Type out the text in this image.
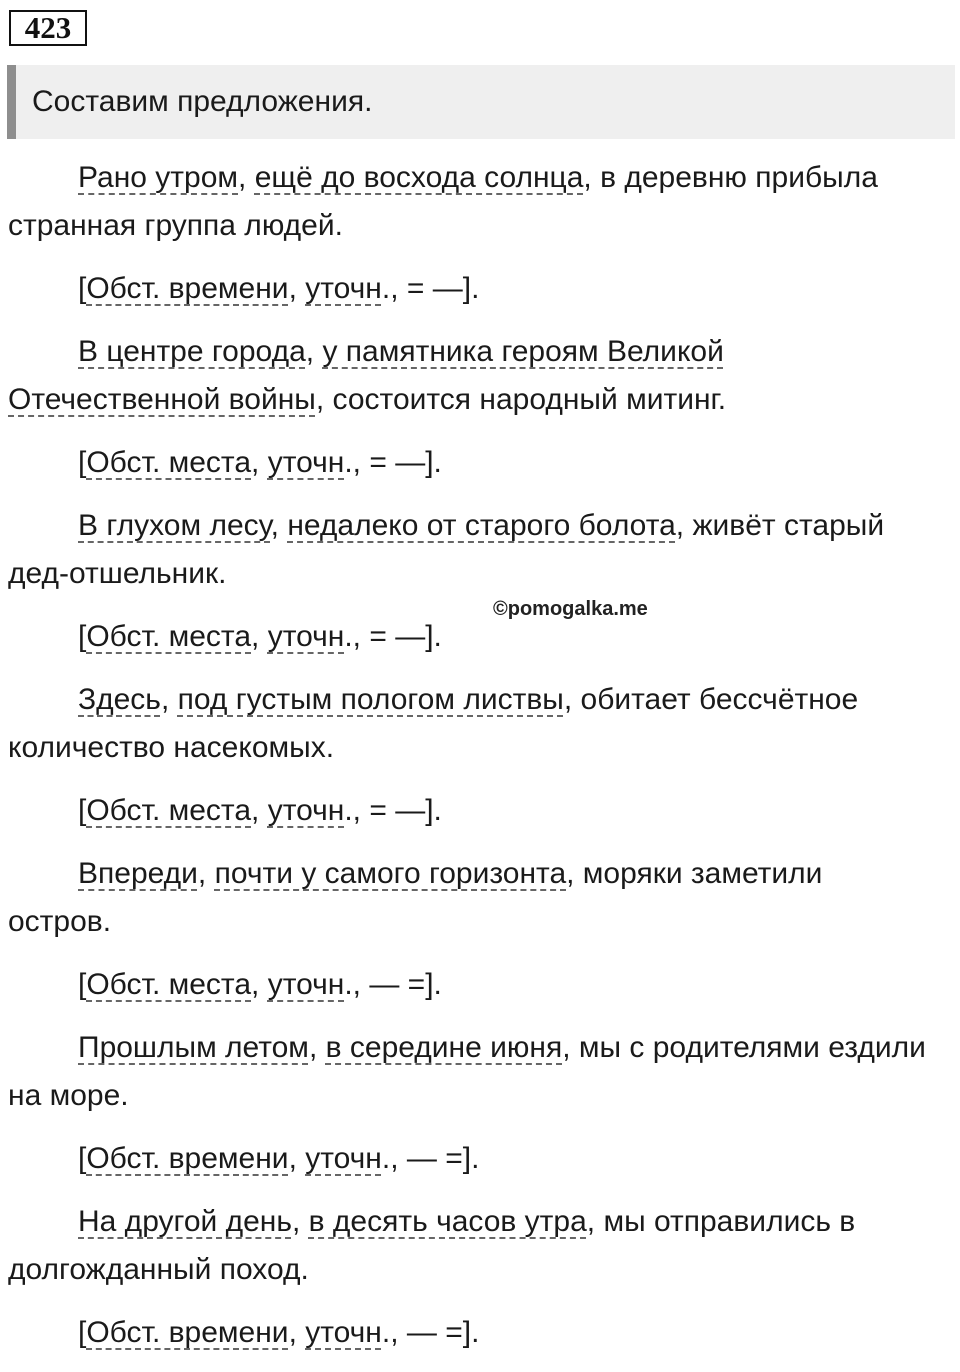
423
Составим предложения.

Рано утром, ещё до восхода солнца, в деревню прибыла странная группа людей.

[Обст. времени, уточн., = —].

В центре города, у памятника героям Великой Отечественной войны, состоится народный митинг.

[Обст. места, уточн., = —].

В глухом лесу, недалеко от старого болота, живёт старый дед-отшельник.

[Обст. места, уточн., = —].

Здесь, под густым пологом листвы, обитает бессчётное количество насекомых.

[Обст. места, уточн., = —].

Впереди, почти у самого горизонта, моряки заметили остров.

[Обст. места, уточн., — =].

Прошлым летом, в середине июня, мы с родителями ездили на море.

[Обст. времени, уточн., — =].

На другой день, в десять часов утра, мы отправились в долгожданный поход.

[Обст. времени, уточн., — =].

©pomogalka.me
